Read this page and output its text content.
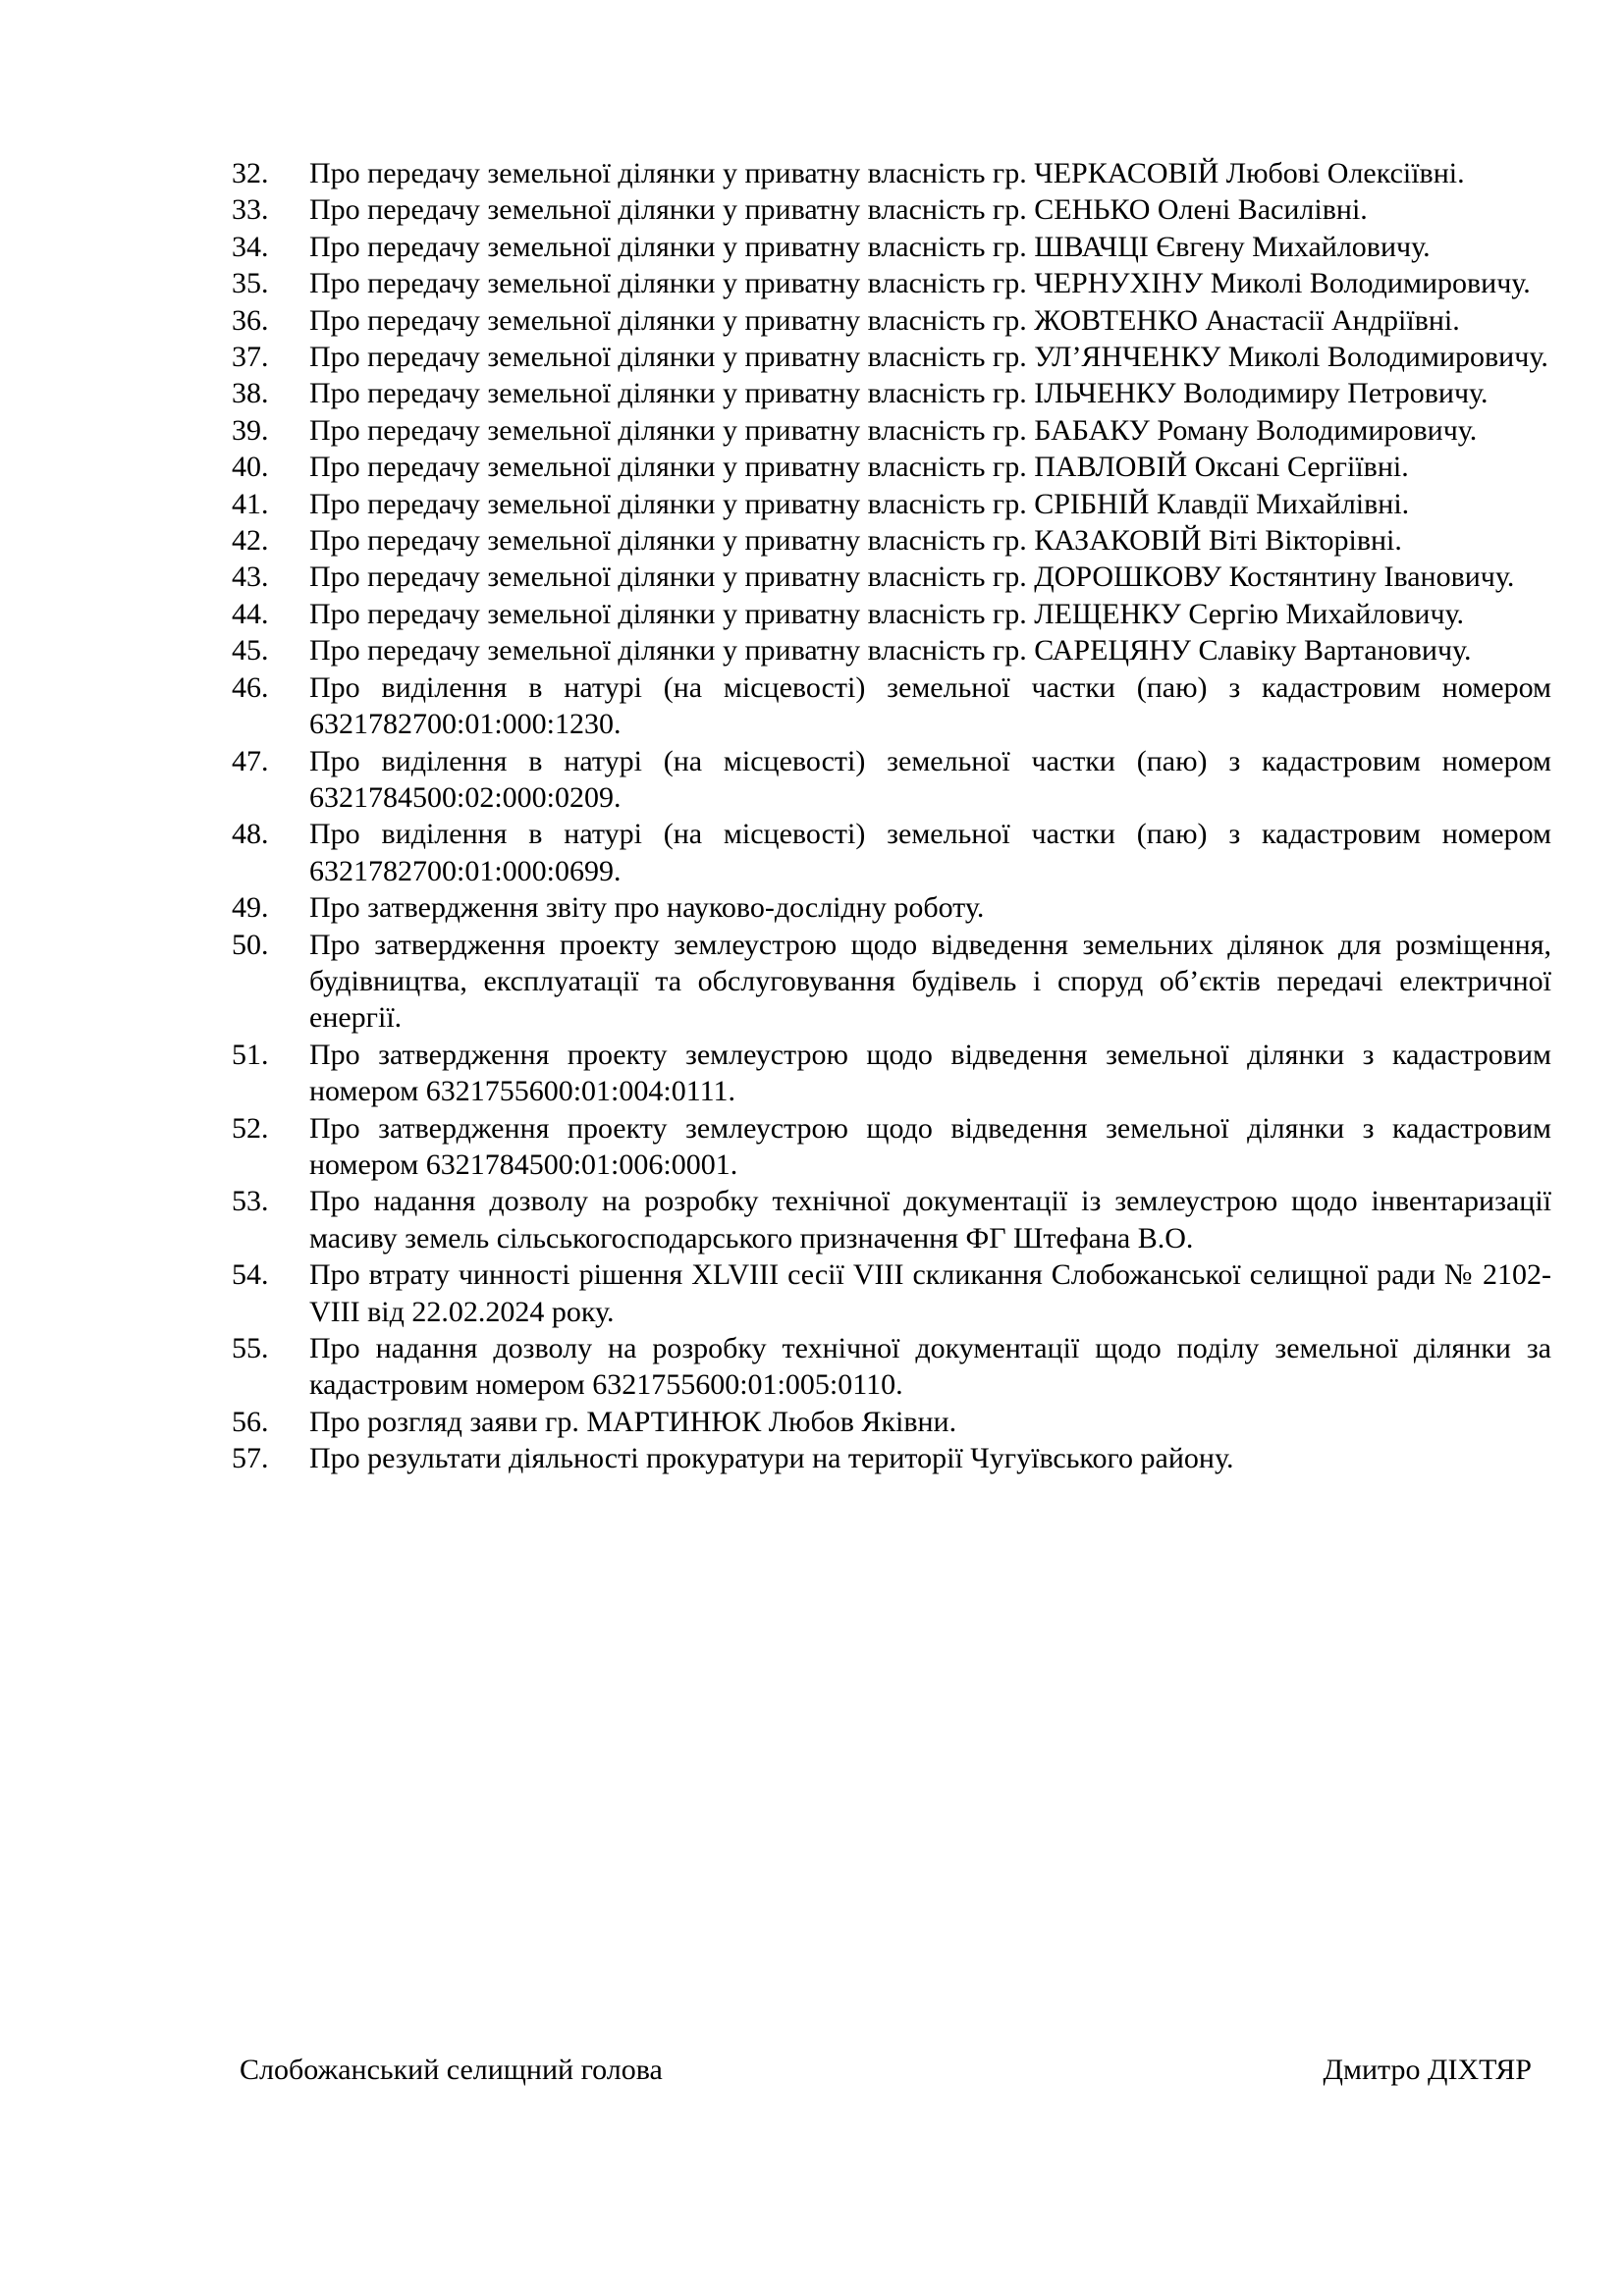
32.	Про передачу земельної ділянки у приватну власність гр. ЧЕРКАСОВІЙ Любові Олексіївні.
33.	Про передачу земельної ділянки у приватну власність гр. СЕНЬКО Олені Василівні.
34.	Про передачу земельної ділянки у приватну власність гр. ШВАЧЦІ Євгену Михайловичу.
35.	Про передачу земельної ділянки у приватну власність гр. ЧЕРНУХІНУ Миколі Володимировичу.
36.	Про передачу земельної ділянки у приватну власність гр. ЖОВТЕНКО Анастасії Андріївні.
37.	Про передачу земельної ділянки у приватну власність гр. УЛ’ЯНЧЕНКУ Миколі Володимировичу.
38.	Про передачу земельної ділянки у приватну власність гр. ІЛЬЧЕНКУ Володимиру Петровичу.
39.	Про передачу земельної ділянки у приватну власність гр. БАБАКУ Роману Володимировичу.
40.	Про передачу земельної ділянки у приватну власність гр. ПАВЛОВІЙ Оксані Сергіївні.
41.	Про передачу земельної ділянки у приватну власність гр. СРІБНІЙ Клавдії Михайлівні.
42.	Про передачу земельної ділянки у приватну власність гр. КАЗАКОВІЙ Віті Вікторівні.
43.	Про передачу земельної ділянки у приватну власність гр. ДОРОШКОВУ Костянтину Івановичу.
44.	Про передачу земельної ділянки у приватну власність гр. ЛЕЩЕНКУ Сергію Михайловичу.
45.	Про передачу земельної ділянки у приватну власність гр. САРЕЦЯНУ Славіку Вартановичу.
46.	Про виділення в натурі (на місцевості) земельної частки (паю) з кадастровим номером 6321782700:01:000:1230.
47.	Про виділення в натурі (на місцевості) земельної частки (паю) з кадастровим номером 6321784500:02:000:0209.
48.	Про виділення в натурі (на місцевості) земельної частки (паю) з кадастровим номером 6321782700:01:000:0699.
49.	Про затвердження звіту про науково-дослідну роботу.
50.	Про затвердження проекту землеустрою щодо відведення земельних ділянок для розміщення, будівництва, експлуатації та обслуговування будівель і споруд об’єктів передачі електричної енергії.
51.	Про затвердження проекту землеустрою щодо відведення земельної ділянки з кадастровим номером 6321755600:01:004:0111.
52.	Про затвердження проекту землеустрою щодо відведення земельної ділянки з кадастровим номером 6321784500:01:006:0001.
53.	Про надання дозволу на розробку технічної документації із землеустрою щодо інвентаризації масиву земель сільськогосподарського призначення ФГ Штефана В.О.
54.	Про втрату чинності рішення XLVIII сесії VIII скликання Слобожанської селищної ради № 2102-VIII від 22.02.2024 року.
55.	Про надання дозволу на розробку технічної документації щодо поділу земельної ділянки за кадастровим номером 6321755600:01:005:0110.
56.	Про розгляд заяви гр. МАРТИНЮК Любов Яківни.
57.	Про результати діяльності прокуратури на території Чугуївського району.
Слобожанський селищний голова	Дмитро ДІХТЯР
